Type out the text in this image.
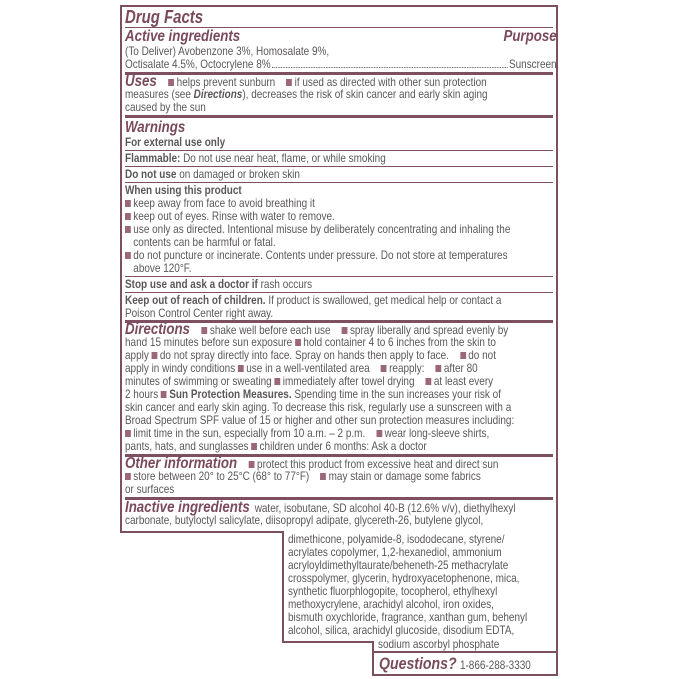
Drug Facts
Active ingredients	Purpose
(To Deliver) Avobenzone 3%, Homosalate 9%,
Octisalate 4.5%, Octocrylene 8%	Sunscreen
Uses helps prevent sunburn if used as directed with other sun protection
measures (see Directions), decreases the risk of skin cancer and early skin aging
caused by the sun
Warnings
For external use only
Flammable: Do not use near heat, flame, or while smoking
Do not use on damaged or broken skin
When using this product
keep away from face to avoid breathing it
keep out of eyes. Rinse with water to remove.
use only as directed. Intentional misuse by deliberately concentrating and inhaling the
contents can be harmful or fatal.
do not puncture or incinerate. Contents under pressure. Do not store at temperatures
above 120°F.
Stop use and ask a doctor if rash occurs
Keep out of reach of children. If product is swallowed, get medical help or contact a
Poison Control Center right away.
Directions shake well before each use spray liberally and spread evenly by
hand 15 minutes before sun exposure hold container 4 to 6 inches from the skin to
apply do not spray directly into face. Spray on hands then apply to face. do not
apply in windy conditions use in a well-ventilated area reapply: after 80
minutes of swimming or sweating immediately after towel drying at least every
2 hours Sun Protection Measures. Spending time in the sun increases your risk of
skin cancer and early skin aging. To decrease this risk, regularly use a sunscreen with a
Broad Spectrum SPF value of 15 or higher and other sun protection measures including:
limit time in the sun, especially from 10 a.m. – 2 p.m. wear long-sleeve shirts,
pants, hats, and sunglasses children under 6 months: Ask a doctor
Other information protect this product from excessive heat and direct sun
store between 20° to 25°C (68° to 77°F) may stain or damage some fabrics
or surfaces
Inactive ingredients water, isobutane, SD alcohol 40-B (12.6% v/v), diethylhexyl
carbonate, butyloctyl salicylate, diisopropyl adipate, glycereth-26, butylene glycol,
dimethicone, polyamide-8, isododecane, styrene/
acrylates copolymer, 1,2-hexanediol, ammonium
acryloyldimethyltaurate/beheneth-25 methacrylate
crosspolymer, glycerin, hydroxyacetophenone, mica,
synthetic fluorphlogopite, tocopherol, ethylhexyl
methoxycrylene, arachidyl alcohol, iron oxides,
bismuth oxychloride, fragrance, xanthan gum, behenyl
alcohol, silica, arachidyl glucoside, disodium EDTA,
sodium ascorbyl phosphate
Questions? 1-866-288-3330
